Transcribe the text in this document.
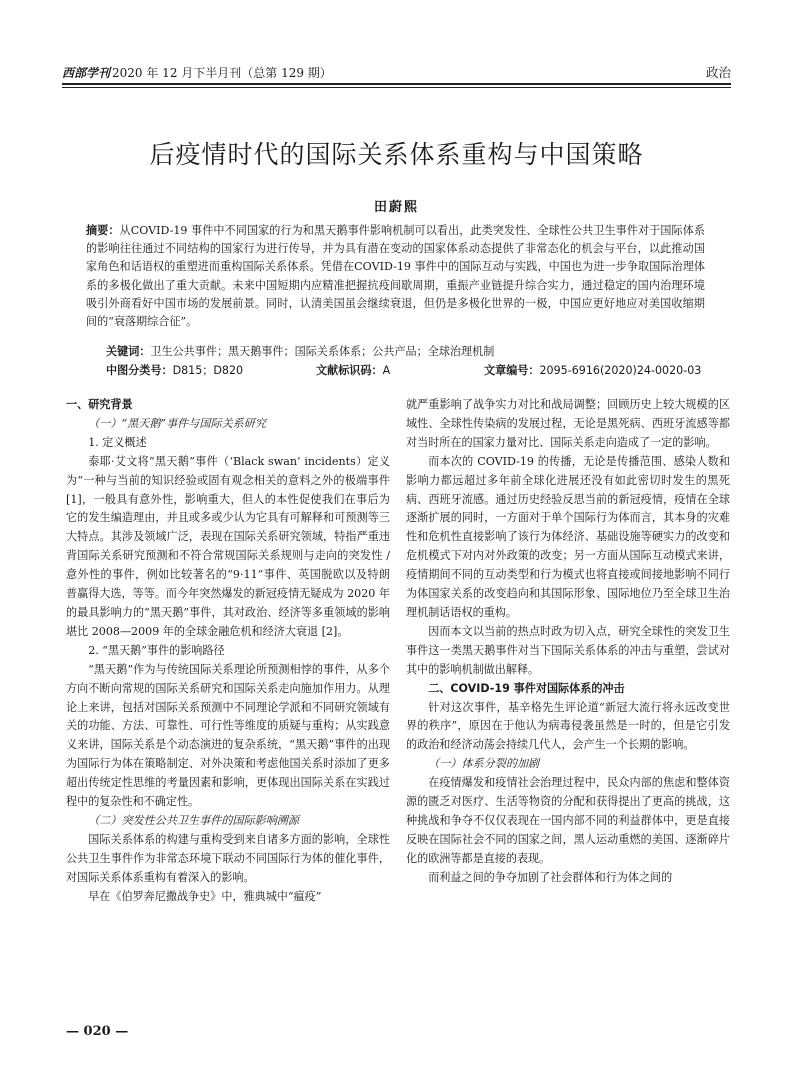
西部学刊 2020 年 12 月下半月刊（总第 129 期）	政治
后疫情时代的国际关系体系重构与中国策略
田蔚熙
摘要：从COVID-19 事件中不同国家的行为和黑天鹅事件影响机制可以看出，此类突发性、全球性公共卫生事件对于国际体系的影响往往通过不同结构的国家行为进行传导，并为具有潜在变动的国家体系动态提供了非常态化的机会与平台，以此推动国家角色和话语权的重塑进而重构国际关系体系。凭借在COVID-19 事件中的国际互动与实践，中国也为进一步争取国际治理体系的多极化做出了重大贡献。未来中国短期内应精准把握抗疫间歇周期，重振产业链提升综合实力，通过稳定的国内治理环境吸引外商看好中国市场的发展前景。同时，认清美国虽会继续衰退，但仍是多极化世界的一极，中国应更好地应对美国收缩期间的“衰落期综合征”。
关键词：卫生公共事件；黑天鹅事件；国际关系体系；公共产品；全球治理机制
中图分类号：D815；D820	文献标识码：A	文章编号：2095-6916(2020)24-0020-03

一、研究背景

（一）“黑天鹅”事件与国际关系研究

1. 定义概述

泰耶·艾文将“黑天鹅”事件（‘Black swan’ incidents）定义为“一种与当前的知识经验或固有观念相关的意料之外的极端事件 [1]，一般具有意外性，影响重大，但人的本性促使我们在事后为它的发生编造理由，并且或多或少认为它具有可解释和可预测等三大特点。其涉及领域广泛，表现在国际关系研究领域，特指严重违背国际关系研究预测和不符合常规国际关系规则与走向的突发性 / 意外性的事件，例如比较著名的“9·11”事件、英国脱欧以及特朗普赢得大选，等等。而今年突然爆发的新冠疫情无疑成为 2020 年的最具影响力的“黑天鹅”事件，其对政治、经济等多重领域的影响堪比 2008—2009 年的全球金融危机和经济大衰退 [2]。

2. “黑天鹅”事件的影响路径

“黑天鹅”作为与传统国际关系理论所预测相悖的事件，从多个方向不断向常规的国际关系研究和国际关系走向施加作用力。从理论上来讲，包括对国际关系预测中不同理论学派和不同研究领域有关的功能、方法、可靠性、可行性等维度的质疑与重构；从实践意义来讲，国际关系是个动态演进的复杂系统，“黑天鹅”事件的出现为国际行为体在策略制定、对外决策和考虑他国关系时添加了更多超出传统定性思维的考量因素和影响，更体现出国际关系在实践过程中的复杂性和不确定性。

（二）突发性公共卫生事件的国际影响溯源

国际关系体系的构建与重构受到来自诸多方面的影响，全球性公共卫生事件作为非常态环境下联动不同国际行为体的催化事件，对国际关系体系重构有着深入的影响。

早在《伯罗奔尼撒战争史》中，雅典城中“瘟疫”

就严重影响了战争实力对比和战局调整；回顾历史上较大规模的区域性、全球性传染病的发展过程，无论是黑死病、西班牙流感等都对当时所在的国家力量对比、国际关系走向造成了一定的影响。

而本次的 COVID-19 的传播，无论是传播范围、感染人数和影响力都远超过多年前全球化进展还没有如此密切时发生的黑死病、西班牙流感。通过历史经验反思当前的新冠疫情，疫情在全球逐渐扩展的同时，一方面对于单个国际行为体而言，其本身的灾难性和危机性直接影响了该行为体经济、基础设施等硬实力的改变和危机模式下对内对外政策的改变；另一方面从国际互动模式来讲，疫情期间不同的互动类型和行为模式也将直接或间接地影响不同行为体国家关系的改变趋向和其国际形象、国际地位乃至全球卫生治理机制话语权的重构。

因而本文以当前的热点时政为切入点，研究全球性的突发卫生事件这一类黑天鹅事件对当下国际关系体系的冲击与重塑，尝试对其中的影响机制做出解释。

二、COVID-19 事件对国际体系的冲击

针对这次事件，基辛格先生评论道“新冠大流行将永远改变世界的秩序”，原因在于他认为病毒侵袭虽然是一时的，但是它引发的政治和经济动荡会持续几代人，会产生一个长期的影响。

（一）体系分裂的加剧

在疫情爆发和疫情社会治理过程中，民众内部的焦虑和整体资源的匮乏对医疗、生活等物资的分配和获得提出了更高的挑战，这种挑战和争夺不仅仅表现在一国内部不同的利益群体中，更是直接反映在国际社会不同的国家之间，黑人运动重燃的美国、逐渐碎片化的欧洲等都是直接的表现。

而利益之间的争夺加剧了社会群体和行为体之间的

— 020 —
